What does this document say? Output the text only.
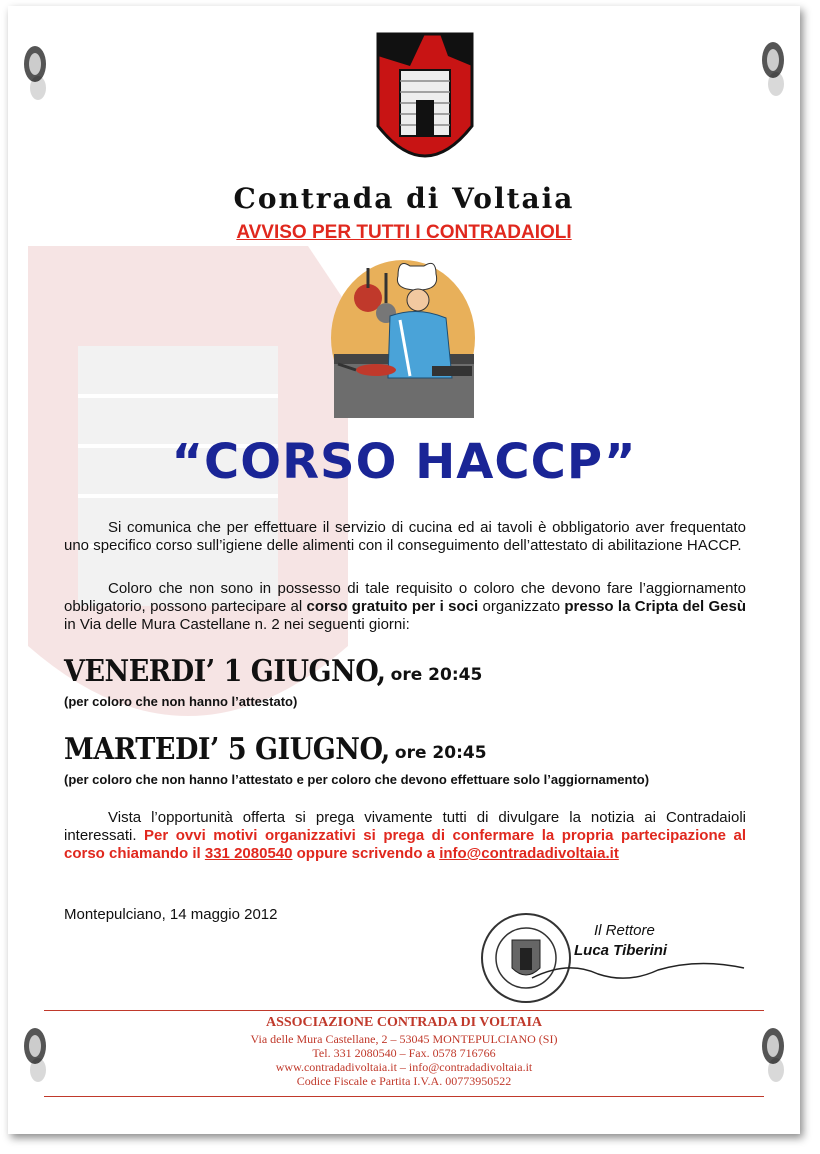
Contrada di Voltaia
AVVISO PER TUTTI I CONTRADAIOLI
“CORSO HACCP”
Si comunica che per effettuare il servizio di cucina ed ai tavoli è obbligatorio aver frequentato uno specifico corso sull’igiene delle alimenti con il conseguimento dell’attestato di abilitazione HACCP.
Coloro che non sono in possesso di tale requisito o coloro che devono fare l’aggiornamento obbligatorio, possono partecipare al corso gratuito per i soci organizzato presso la Cripta del Gesù in Via delle Mura Castellane n. 2 nei seguenti giorni:
VENERDI’ 1 GIUGNO, ore 20:45
(per coloro che non hanno l’attestato)
MARTEDI’ 5 GIUGNO, ore 20:45
(per coloro che non hanno l’attestato e per coloro che devono effettuare solo l’aggiornamento)
Vista l’opportunità offerta si prega vivamente tutti di divulgare la notizia ai Contradaioli interessati. Per ovvi motivi organizzativi si prega di confermare la propria partecipazione al corso chiamando il 331 2080540 oppure scrivendo a info@contradadivoltaia.it
Montepulciano, 14 maggio 2012
Il Rettore
Luca Tiberini
ASSOCIAZIONE CONTRADA DI VOLTAIA
Via delle Mura Castellane, 2 – 53045 MONTEPULCIANO (SI)
Tel. 331 2080540 – Fax. 0578 716766
www.contradadivoltaia.it – info@contradadivoltaia.it
Codice Fiscale e Partita I.V.A. 00773950522
